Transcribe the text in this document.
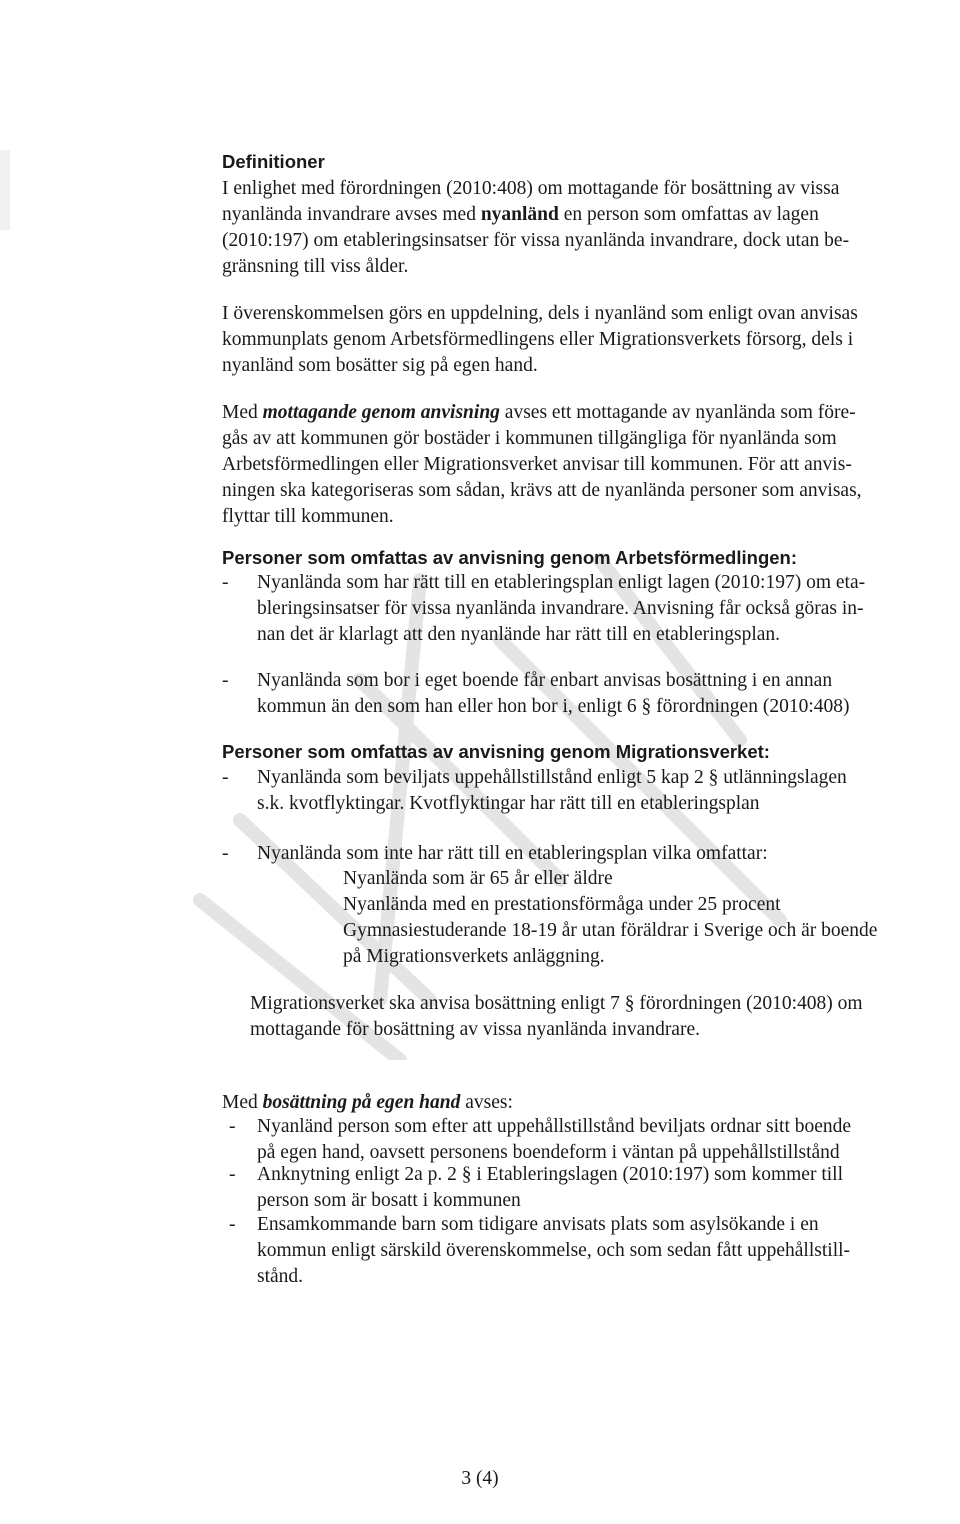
Definitioner
I enlighet med förordningen (2010:408) om mottagande för bosättning av vissa
nyanlända invandrare avses med nyanländ en person som omfattas av lagen
(2010:197) om etableringsinsatser för vissa nyanlända invandrare, dock utan be-
gränsning till viss ålder.
I överenskommelsen görs en uppdelning, dels i nyanländ som enligt ovan anvisas
kommunplats genom Arbetsförmedlingens eller Migrationsverkets försorg, dels i
nyanländ som bosätter sig på egen hand.
Med mottagande genom anvisning avses ett mottagande av nyanlända som före-
gås av att kommunen gör bostäder i kommunen tillgängliga för nyanlända som
Arbetsförmedlingen eller Migrationsverket anvisar till kommunen. För att anvis-
ningen ska kategoriseras som sådan, krävs att de nyanlända personer som anvisas,
flyttar till kommunen.
Personer som omfattas av anvisning genom Arbetsförmedlingen:
- Nyanlända som har rätt till en etableringsplan enligt lagen (2010:197) om eta-
bleringsinsatser för vissa nyanlända invandrare. Anvisning får också göras in-
nan det är klarlagt att den nyanlände har rätt till en etableringsplan.
- Nyanlända som bor i eget boende får enbart anvisas bosättning i en annan
kommun än den som han eller hon bor i, enligt 6 § förordningen (2010:408)
Personer som omfattas av anvisning genom Migrationsverket:
- Nyanlända som beviljats uppehållstillstånd enligt 5 kap 2 § utlänningslagen
s.k. kvotflyktingar. Kvotflyktingar har rätt till en etableringsplan
- Nyanlända som inte har rätt till en etableringsplan vilka omfattar:
Nyanlända som är 65 år eller äldre
Nyanlända med en prestationsförmåga under 25 procent
Gymnasiestuderande 18-19 år utan föräldrar i Sverige och är boende
på Migrationsverkets anläggning.
Migrationsverket ska anvisa bosättning enligt 7 § förordningen (2010:408) om
mottagande för bosättning av vissa nyanlända invandrare.
Med bosättning på egen hand avses:
- Nyanländ person som efter att uppehållstillstånd beviljats ordnar sitt boende
på egen hand, oavsett personens boendeform i väntan på uppehållstillstånd
- Anknytning enligt 2a p. 2 § i Etableringslagen (2010:197) som kommer till
person som är bosatt i kommunen
- Ensamkommande barn som tidigare anvisats plats som asylsökande i en
kommun enligt särskild överenskommelse, och som sedan fått uppehållstill-
stånd.
3 (4)
